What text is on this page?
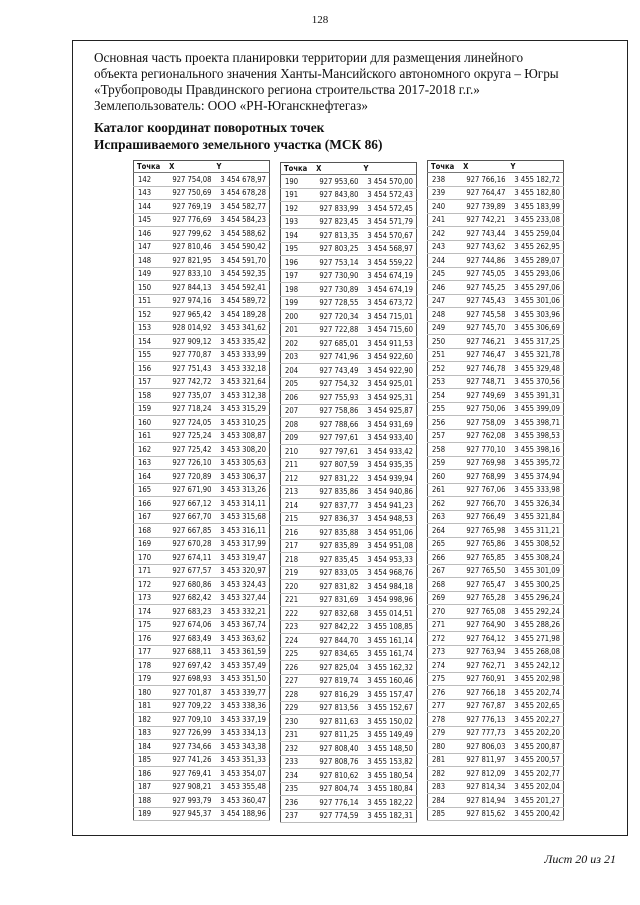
128
Основная часть проекта планировки территории для размещения линейного
объекта регионального значения Ханты-Мансийского автономного округа – Югры
«Трубопроводы Правдинского региона строительства 2017-2018 г.г.»
Землепользователь: ООО «РН-Юганскнефтегаз»
Каталог координат поворотных точек
Испрашиваемого земельного участка (МСК 86)
Точка	X	Y
142	927 754,08	3 454 678,97
143	927 750,69	3 454 678,28
144	927 769,19	3 454 582,77
145	927 776,69	3 454 584,23
146	927 799,62	3 454 588,62
147	927 810,46	3 454 590,42
148	927 821,95	3 454 591,70
149	927 833,10	3 454 592,35
150	927 844,13	3 454 592,41
151	927 974,16	3 454 589,72
152	927 965,42	3 454 189,28
153	928 014,92	3 453 341,62
154	927 909,12	3 453 335,42
155	927 770,87	3 453 333,99
156	927 751,43	3 453 332,18
157	927 742,72	3 453 321,64
158	927 735,07	3 453 312,38
159	927 718,24	3 453 315,29
160	927 724,05	3 453 310,25
161	927 725,24	3 453 308,87
162	927 725,42	3 453 308,20
163	927 726,10	3 453 305,63
164	927 720,89	3 453 306,37
165	927 671,90	3 453 313,26
166	927 667,12	3 453 314,11
167	927 667,70	3 453 315,68
168	927 667,85	3 453 316,11
169	927 670,28	3 453 317,99
170	927 674,11	3 453 319,47
171	927 677,57	3 453 320,97
172	927 680,86	3 453 324,43
173	927 682,42	3 453 327,44
174	927 683,23	3 453 332,21
175	927 674,06	3 453 367,74
176	927 683,49	3 453 363,62
177	927 688,11	3 453 361,59
178	927 697,42	3 453 357,49
179	927 698,93	3 453 351,50
180	927 701,87	3 453 339,77
181	927 709,22	3 453 338,36
182	927 709,10	3 453 337,19
183	927 726,99	3 453 334,13
184	927 734,66	3 453 343,38
185	927 741,26	3 453 351,33
186	927 769,41	3 453 354,07
187	927 908,21	3 453 355,48
188	927 993,79	3 453 360,47
189	927 945,37	3 454 188,96
Точка	X	Y
190	927 953,60	3 454 570,00
191	927 843,80	3 454 572,43
192	927 833,99	3 454 572,45
193	927 823,45	3 454 571,79
194	927 813,35	3 454 570,67
195	927 803,25	3 454 568,97
196	927 753,14	3 454 559,22
197	927 730,90	3 454 674,19
198	927 730,89	3 454 674,19
199	927 728,55	3 454 673,72
200	927 720,34	3 454 715,01
201	927 722,88	3 454 715,60
202	927 685,01	3 454 911,53
203	927 741,96	3 454 922,60
204	927 743,49	3 454 922,90
205	927 754,32	3 454 925,01
206	927 755,93	3 454 925,31
207	927 758,86	3 454 925,87
208	927 788,66	3 454 931,69
209	927 797,61	3 454 933,40
210	927 797,61	3 454 933,42
211	927 807,59	3 454 935,35
212	927 831,22	3 454 939,94
213	927 835,86	3 454 940,86
214	927 837,77	3 454 941,23
215	927 836,37	3 454 948,53
216	927 835,88	3 454 951,06
217	927 835,89	3 454 951,08
218	927 835,45	3 454 953,33
219	927 833,05	3 454 968,76
220	927 831,82	3 454 984,18
221	927 831,69	3 454 998,96
222	927 832,68	3 455 014,51
223	927 842,22	3 455 108,85
224	927 844,70	3 455 161,14
225	927 834,65	3 455 161,74
226	927 825,04	3 455 162,32
227	927 819,74	3 455 160,46
228	927 816,29	3 455 157,47
229	927 813,56	3 455 152,67
230	927 811,63	3 455 150,02
231	927 811,25	3 455 149,49
232	927 808,40	3 455 148,50
233	927 808,76	3 455 153,82
234	927 810,62	3 455 180,54
235	927 804,74	3 455 180,84
236	927 776,14	3 455 182,22
237	927 774,59	3 455 182,31
Точка	X	Y
238	927 766,16	3 455 182,72
239	927 764,47	3 455 182,80
240	927 739,89	3 455 183,99
241	927 742,21	3 455 233,08
242	927 743,44	3 455 259,04
243	927 743,62	3 455 262,95
244	927 744,86	3 455 289,07
245	927 745,05	3 455 293,06
246	927 745,25	3 455 297,06
247	927 745,43	3 455 301,06
248	927 745,58	3 455 303,96
249	927 745,70	3 455 306,69
250	927 746,21	3 455 317,25
251	927 746,47	3 455 321,78
252	927 746,78	3 455 329,48
253	927 748,71	3 455 370,56
254	927 749,69	3 455 391,31
255	927 750,06	3 455 399,09
256	927 758,09	3 455 398,71
257	927 762,08	3 455 398,53
258	927 770,10	3 455 398,16
259	927 769,98	3 455 395,72
260	927 768,99	3 455 374,94
261	927 767,06	3 455 333,98
262	927 766,70	3 455 326,34
263	927 766,49	3 455 321,84
264	927 765,98	3 455 311,21
265	927 765,86	3 455 308,52
266	927 765,85	3 455 308,24
267	927 765,50	3 455 301,09
268	927 765,47	3 455 300,25
269	927 765,28	3 455 296,24
270	927 765,08	3 455 292,24
271	927 764,90	3 455 288,26
272	927 764,12	3 455 271,98
273	927 763,94	3 455 268,08
274	927 762,71	3 455 242,12
275	927 760,91	3 455 202,98
276	927 766,18	3 455 202,74
277	927 767,87	3 455 202,65
278	927 776,13	3 455 202,27
279	927 777,73	3 455 202,20
280	927 806,03	3 455 200,87
281	927 811,97	3 455 200,57
282	927 812,09	3 455 202,77
283	927 814,34	3 455 202,04
284	927 814,94	3 455 201,27
285	927 815,62	3 455 200,42
Лист 20 из 21
